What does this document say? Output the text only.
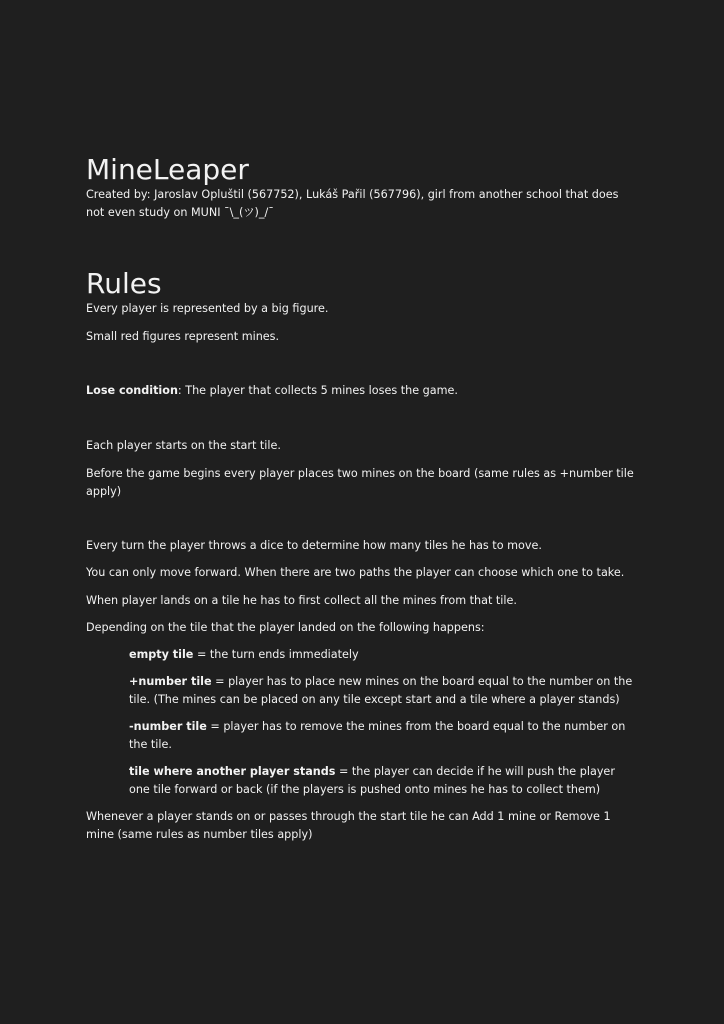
MineLeaper

Created by: Jaroslav Opluštil (567752), Lukáš Pařil (567796), girl from another school that does not even study on MUNI ¯\_(ツ)_/¯

Rules

Every player is represented by a big figure.

Small red figures represent mines.

Lose condition: The player that collects 5 mines loses the game.

Each player starts on the start tile.

Before the game begins every player places two mines on the board (same rules as +number tile apply)

Every turn the player throws a dice to determine how many tiles he has to move.

You can only move forward. When there are two paths the player can choose which one to take.

When player lands on a tile he has to first collect all the mines from that tile.

Depending on the tile that the player landed on the following happens:

empty tile = the turn ends immediately

+number tile = player has to place new mines on the board equal to the number on the tile. (The mines can be placed on any tile except start and a tile where a player stands)

-number tile = player has to remove the mines from the board equal to the number on the tile.

tile where another player stands = the player can decide if he will push the player one tile forward or back (if the players is pushed onto mines he has to collect them)

Whenever a player stands on or passes through the start tile he can Add 1 mine or Remove 1 mine (same rules as number tiles apply)
